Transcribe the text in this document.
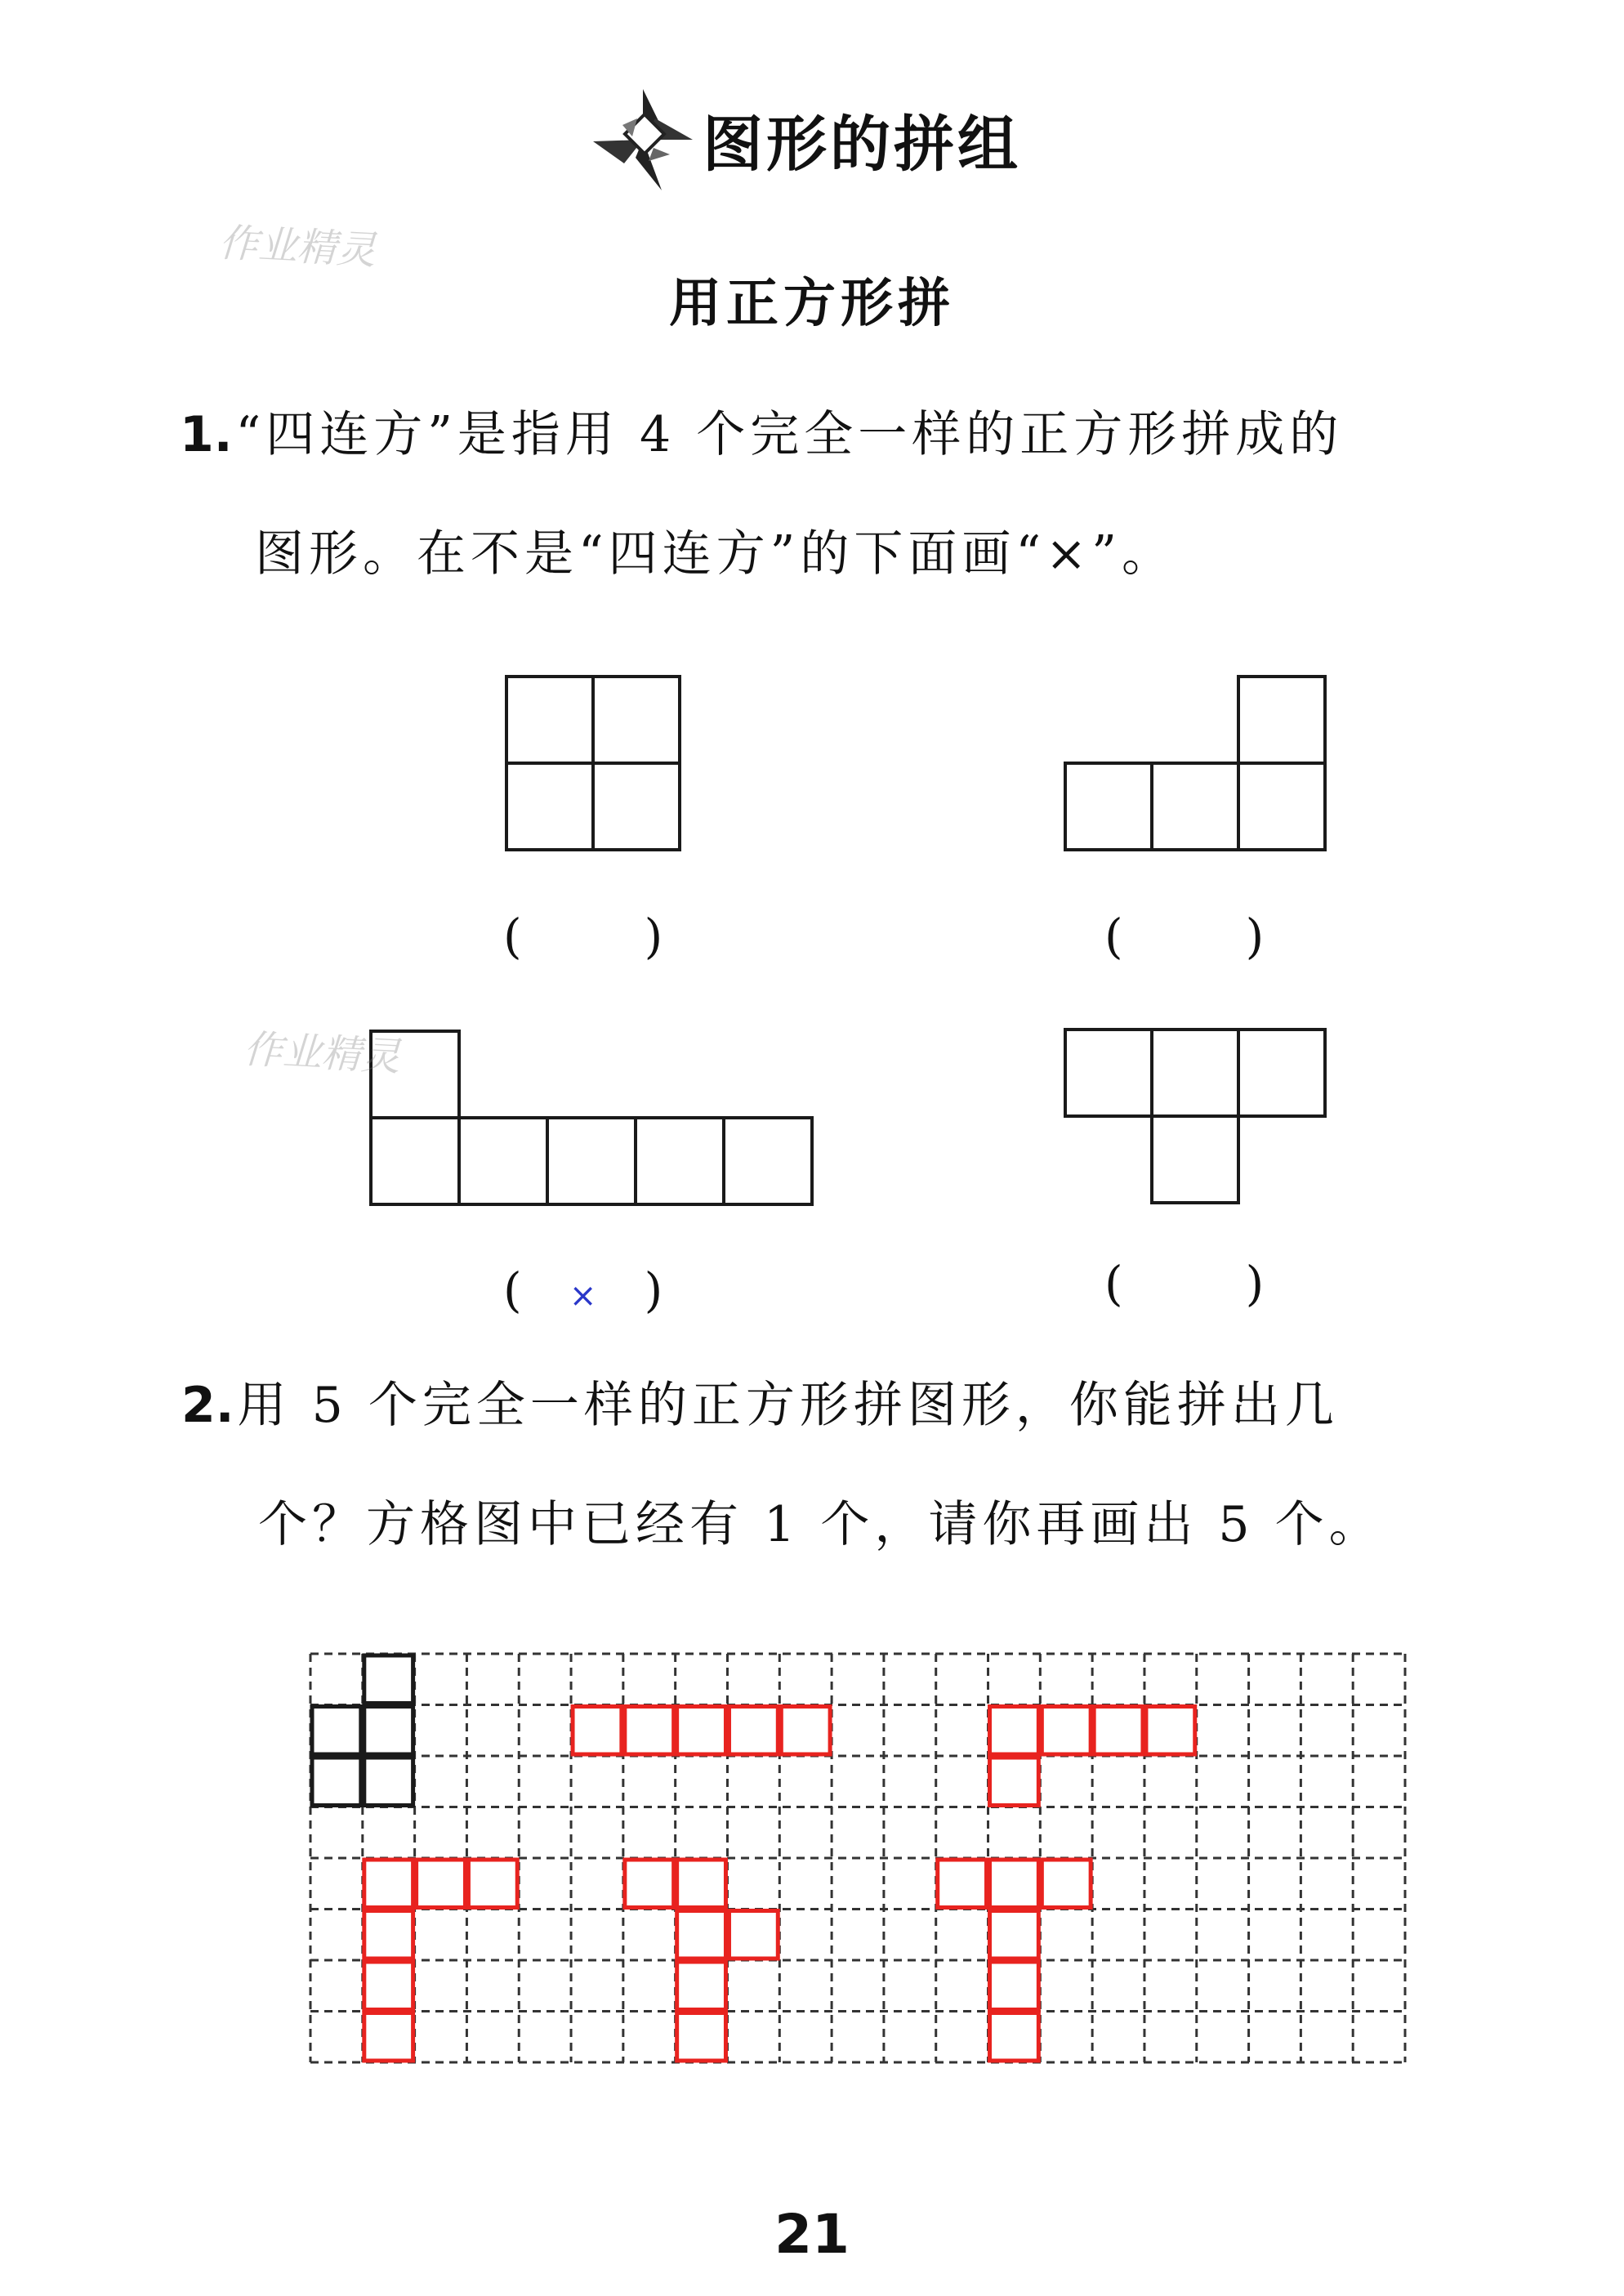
图形的拼组
作业精灵
用正方形拼
1.“四连方”是指用 4 个完全一样的正方形拼成的
图形。在不是“四连方”的下面画“×”。
作业精灵
(	)	(	)
( × )	(	)
2.用 5 个完全一样的正方形拼图形，你能拼出几
个？方格图中已经有 1 个，请你再画出 5 个。
21
